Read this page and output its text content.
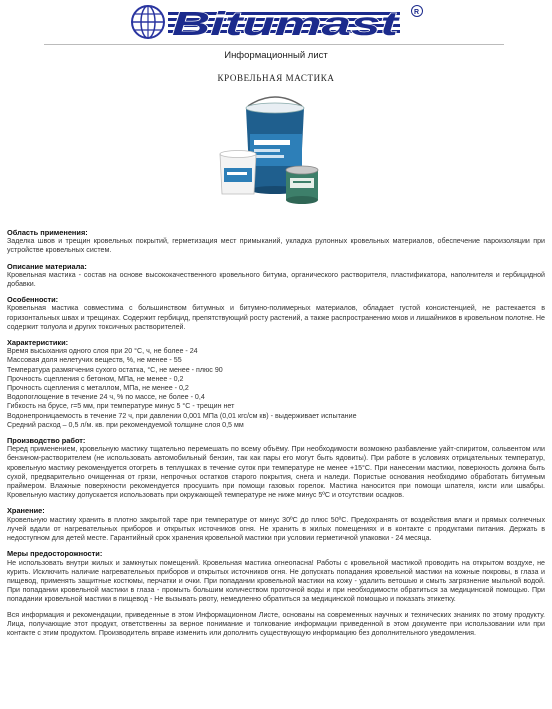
Bitumast R
Информационный лист
КРОВЕЛЬНАЯ МАСТИКА
Область применения:

Заделка швов и трещин кровельных покрытий, герметизация мест примыканий, укладка рулонных кровельных материалов, обеспечение пароизоляции при устройстве кровельных систем.

Описание материала:

Кровельная мастика - состав на основе высококачественного кровельного битума, органического растворителя, пластификатора, наполнителя и гербицидной добавки.

Особенности:

Кровельная мастика совместима с большинством битумных и битумно-полимерных материалов, обладает густой консистенцией, не растекается в горизонтальных швах и трещинах. Содержит гербицид, препятствующий росту растений, а также распространению мхов и лишайников в кровельном полотне. Не содержит толуола и других токсичных растворителей.

Характеристики:
Время высыхания одного слоя при 20 °С, ч, не более - 24
Массовая доля нелетучих веществ, %, не менее - 55
Температура размягчения сухого остатка, °С, не менее - плюс 90
Прочность сцепления с бетоном, МПа, не менее - 0,2
Прочность сцепления с металлом, МПа, не менее - 0,2
Водопоглощение в течение 24 ч, % по массе, не более - 0,4
Гибкость на брусе, r=5 мм, при температуре минус 5 °С - трещин нет
Водонепроницаемость в течение 72 ч, при давлении 0,001 МПа (0,01 кгс/см кв) - выдерживает испытание
Средний расход – 0,5 л/м. кв. при рекомендуемой толщине слоя 0,5 мм
Производство работ:

Перед применением, кровельную мастику тщательно перемешать по всему объёму. При необходимости возможно разбавление уайт-спиритом, сольвентом или бензином-растворителем (не использовать автомобильный бензин, так как пары его могут быть ядовиты). При работе в условиях отрицательных температур, кровельную мастику рекомендуется отогреть в теплушках в течение суток при температуре не менее +15°С. При нанесении мастики, поверхность должна быть сухой, предварительно очищенная от грязи, непрочных остатков старого покрытия, снега и наледи. Пористые основания необходимо обработать битумным праймером. Влажные поверхности рекомендуется просушить при помощи газовых горелок. Мастика наносится при помощи шпателя, кисти или швабры. Кровельную мастику допускается использовать при окружающей температуре не ниже минус 5ºС и отсутствии осадков.

Хранение:

Кровельную мастику хранить в плотно закрытой таре при температуре от минус 30ºС до плюс 50ºС. Предохранять от воздействия влаги и прямых солнечных лучей вдали от нагревательных приборов и открытых источников огня. Не хранить в жилых помещениях и в контакте с продуктами питания. Держать в недоступном для детей месте. Гарантийный срок хранения кровельной мастики при условии герметичной упаковки - 24 месяца.

Меры предосторожности:

Не использовать внутри жилых и замкнутых помещений. Кровельная мастика огнеопасна! Работы с кровельной мастикой проводить на открытом воздухе, не курить. Исключить наличие нагревательных приборов и открытых источников огня. Не допускать попадания кровельной мастики на кожные покровы, в глаза и пищевод, применять защитные костюмы, перчатки и очки. При попадании кровельной мастики на кожу - удалить ветошью и смыть загрязнение мыльной водой. При попадании кровельной мастики в глаза - промыть большим количеством проточной воды и при необходимости обратиться за медицинской помощью. При попадании кровельной мастики в пищевод - Не вызывать рвоту, немедленно обратиться за медицинской помощью и показать этикетку.

Вся информация и рекомендации, приведенные в этом Информационном Листе, основаны на современных научных и технических знаниях по этому продукту. Лица, получающие этот продукт, ответственны за верное понимание и толкование информации приведенной в этом документе при использовании или при контакте с этим продуктом. Производитель вправе изменить или дополнить существующую информацию без дополнительного уведомления.
